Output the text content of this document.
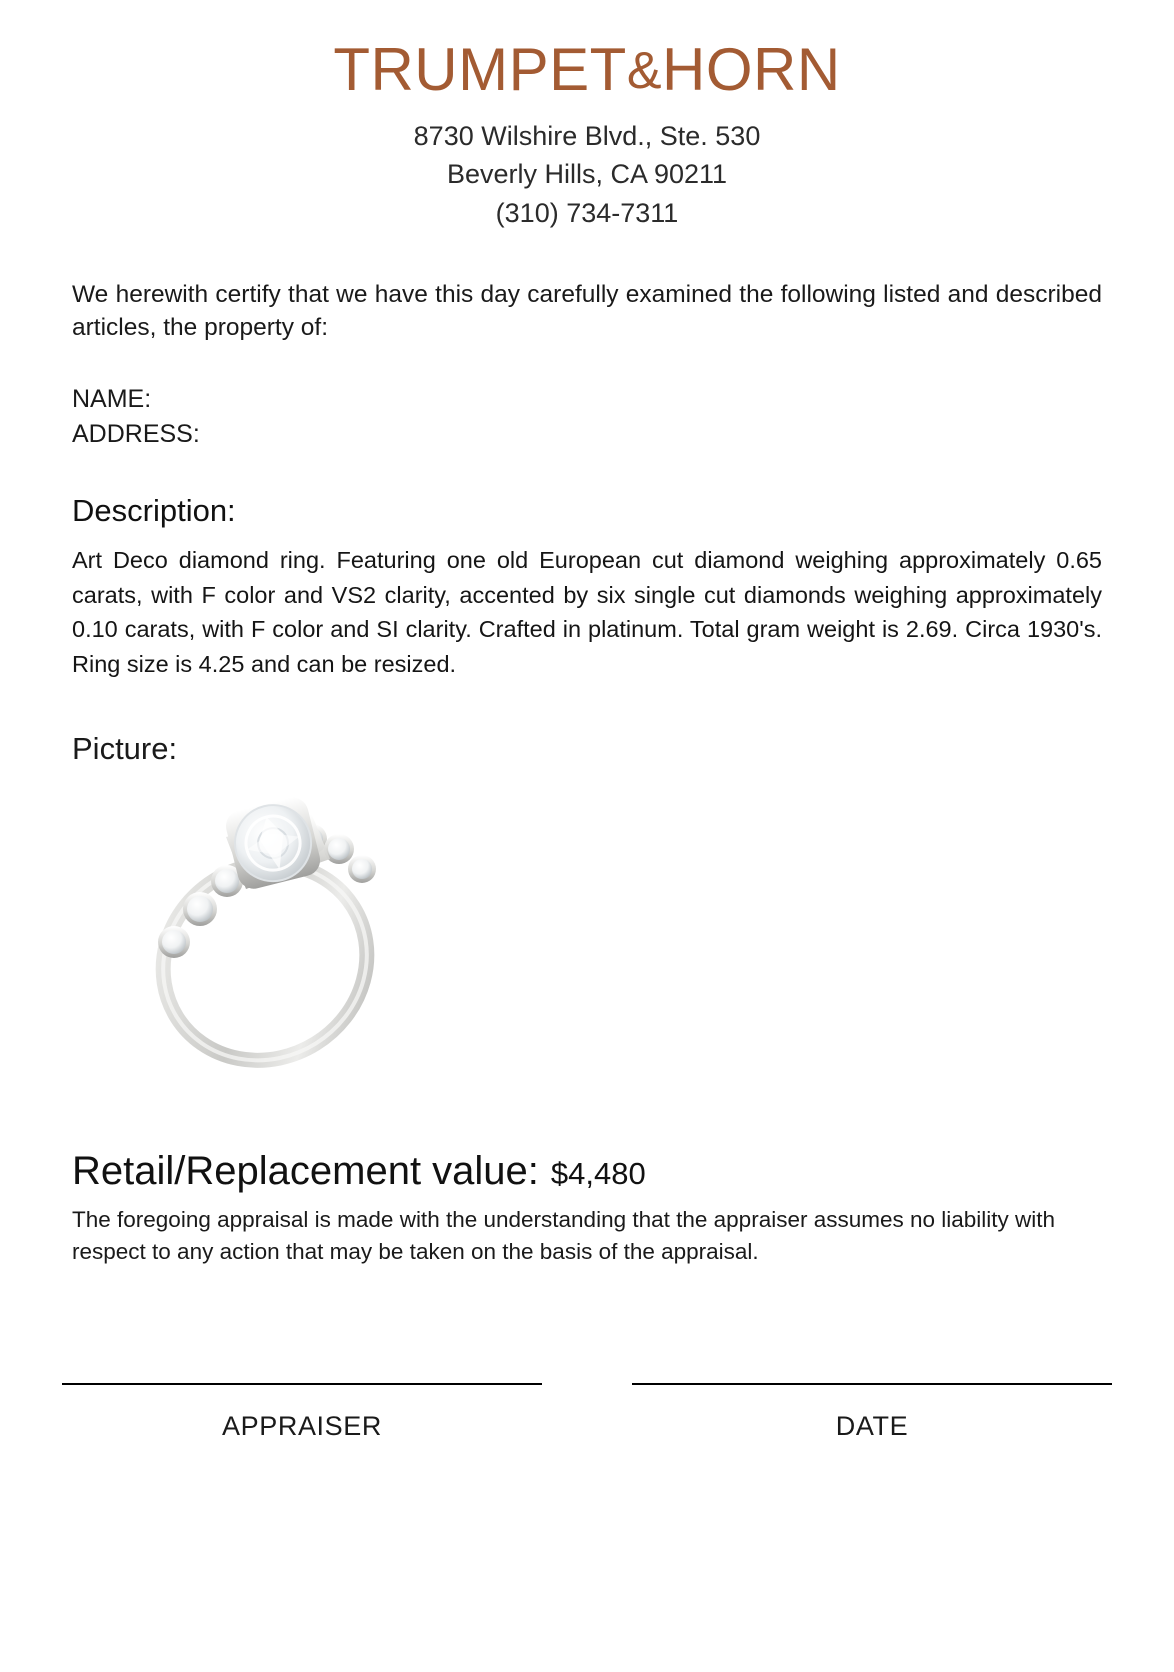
TRUMPET&HORN
8730 Wilshire Blvd., Ste. 530
Beverly Hills, CA 90211
(310) 734-7311
We herewith certify that we have this day carefully examined the following listed and described articles, the property of:
NAME:
ADDRESS:
Description:
Art Deco diamond ring. Featuring one old European cut diamond weighing approximately 0.65 carats, with F color and VS2 clarity, accented by six single cut diamonds weighing approximately 0.10 carats, with F color and SI clarity. Crafted in platinum. Total gram weight is 2.69. Circa 1930's. Ring size is 4.25 and can be resized.
Picture:
Retail/Replacement value: $4,480
The foregoing appraisal is made with the understanding that the appraiser assumes no liability with respect to any action that may be taken on the basis of the appraisal.
APPRAISER	DATE
